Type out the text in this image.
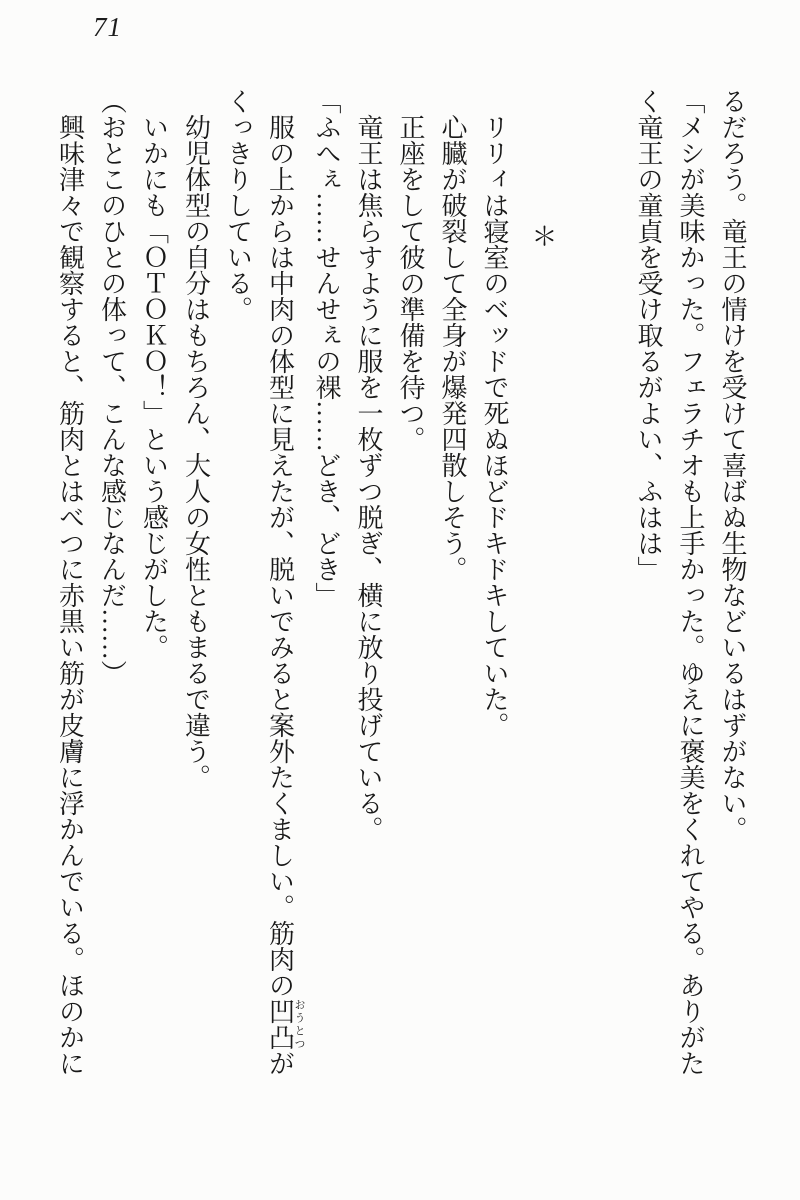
71

るだろう。竜王の情けを受けて喜ばぬ生物などいるはずがない。

「メシが美味かった。フェラチオも上手かった。ゆえに褒美をくれてやる。ありがたく竜王の童貞を受け取るがよい、ふはは」

＊

リリィは寝室のベッドで死ぬほどドキドキしていた。

心臓が破裂して全身が爆発四散しそう。

正座をして彼の準備を待つ。

竜王は焦らすように服を一枚ずつ脱ぎ、横に放り投げている。

「ふへぇ……せんせぇの裸……どき、どき」

服の上からは中肉の体型に見えたが、脱いでみると案外たくましい。筋肉の凹凸おうとつがくっきりしている。

幼児体型の自分はもちろん、大人の女性ともまるで違う。

いかにも「ＯＴＯＫＯ！」という感じがした。

（おとこのひとの体って、こんな感じなんだ……）

興味津々で観察すると、筋肉とはべつに赤黒い筋が皮膚に浮かんでいる。ほのかに
